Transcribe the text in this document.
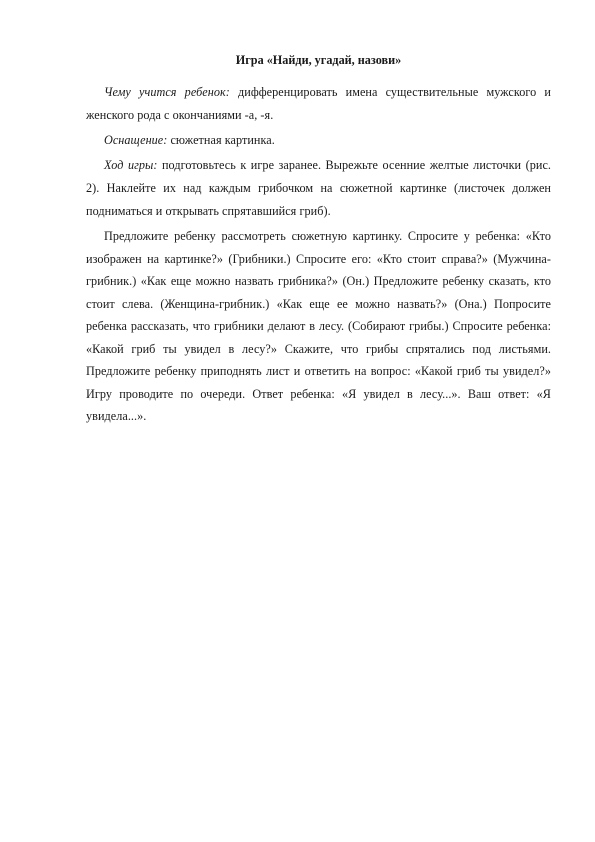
Игра «Найди, угадай, назови»

Чему учится ребенок: дифференцировать имена существительные мужского и женского рода с окончаниями -а, -я.

Оснащение: сюжетная картинка.

Ход игры: подготовьтесь к игре заранее. Вырежьте осенние желтые листочки (рис. 2). Наклейте их над каждым грибочком на сюжетной картинке (листочек должен подниматься и открывать спрятавшийся гриб).

Предложите ребенку рассмотреть сюжетную картинку. Спросите у ребенка: «Кто изображен на картинке?» (Грибники.) Спросите его: «Кто стоит справа?» (Мужчина-грибник.) «Как еще можно назвать грибника?» (Он.) Предложите ребенку сказать, кто стоит слева. (Женщина-грибник.) «Как еще ее можно назвать?» (Она.) Попросите ребенка рассказать, что грибники делают в лесу. (Собирают грибы.) Спросите ребенка: «Какой гриб ты увидел в лесу?» Скажите, что грибы спрятались под листьями. Предложите ребенку приподнять лист и ответить на вопрос: «Какой гриб ты увидел?» Игру проводите по очереди. Ответ ребенка: «Я увидел в лесу...». Ваш ответ: «Я увидела...».
